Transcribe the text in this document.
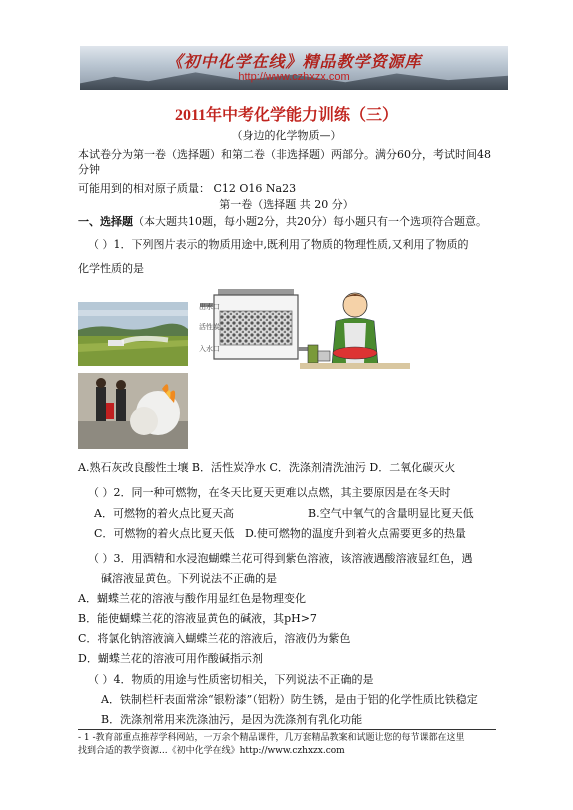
《初中化学在线》精品教学资源库
http://www.czhxzx.com
2011年中考化学能力训练（三）
（身边的化学物质—）
本试卷分为第一卷（选择题）和第二卷（非选择题）两部分。满分60分，考试时间48
分钟
可能用到的相对原子质量： C12 O16 Na23
第一卷（选择题 共 20 分）
一、选择题（本大题共10题，每小题2分，共20分）每小题只有一个选项符合题意。
（ ）1．下列图片表示的物质用途中,既利用了物质的物理性质,又利用了物质的
化学性质的是
出水口
活性炭
入水口
A.熟石灰改良酸性土壤 B．活性炭净水 C．洗涤剂清洗油污 D．二氧化碳灭火
（ ）2．同一种可燃物，在冬天比夏天更难以点燃，其主要原因是在冬天时
A．可燃物的着火点比夏天高	B.空气中氧气的含量明显比夏天低
C．可燃物的着火点比夏天低 D.使可燃物的温度升到着火点需要更多的热量
（ ）3．用酒精和水浸泡蝴蝶兰花可得到紫色溶液，该溶液遇酸溶液显红色，遇
碱溶液显黄色。下列说法不正确的是
A．蝴蝶兰花的溶液与酸作用显红色是物理变化
B．能使蝴蝶兰花的溶液显黄色的碱液，其pH>7
C．将氯化钠溶液滴入蝴蝶兰花的溶液后，溶液仍为紫色
D．蝴蝶兰花的溶液可用作酸碱指示剂
（ ）4．物质的用途与性质密切相关，下列说法不正确的是
A．铁制栏杆表面常涂“银粉漆”（铝粉）防生锈，是由于铝的化学性质比铁稳定
B．洗涤剂常用来洗涤油污，是因为洗涤剂有乳化功能
- 1 -教育部重点推荐学科网站，一万余个精品课件，几万套精品教案和试题让您的每节课都在这里
找到合适的教学资源...《初中化学在线》http://www.czhxzx.com
